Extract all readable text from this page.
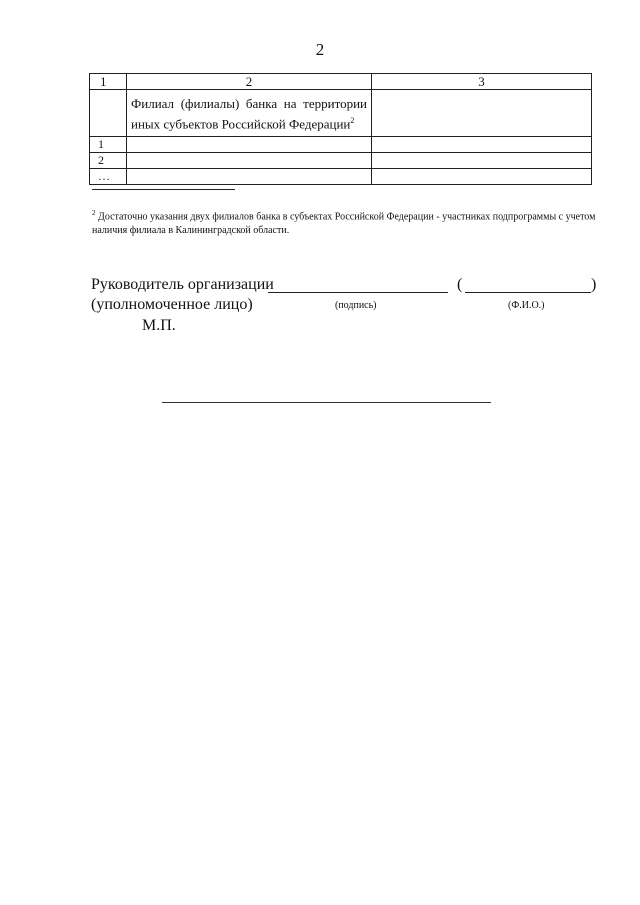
2
1	2	3
	Филиал (филиалы) банка на территории иных субъектов Российской Федерации$^2$	
1		
2		
…		
$^2$ Достаточно указания двух филиалов банка в субъектах Российской Федерации - участниках подпрограммы с учетом наличия филиала в Калининградской области.
Руководитель организации	(	)
(уполномоченное лицо)	(подпись)	(Ф.И.О.)
М.П.
